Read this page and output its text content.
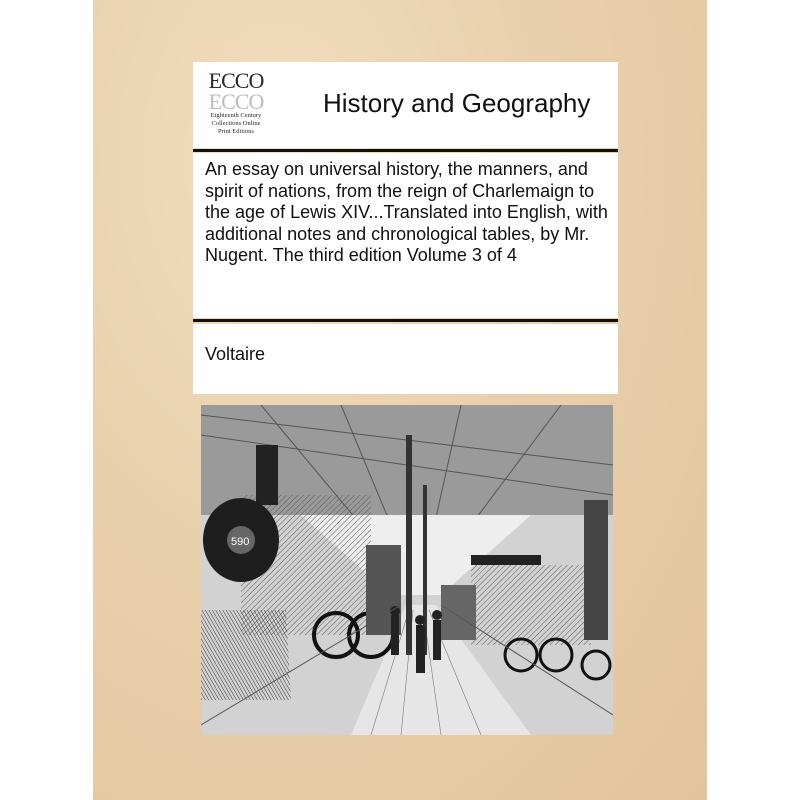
ECCO
ECCO
Eighteenth Century
Collections Online
Print Editions
History and Geography
An essay on universal history, the manners, and spirit of nations, from the reign of Charlemaign to the age of Lewis XIV...Translated into English, with additional notes and chronological tables, by Mr. Nugent. The third edition Volume 3 of 4
Voltaire
590
